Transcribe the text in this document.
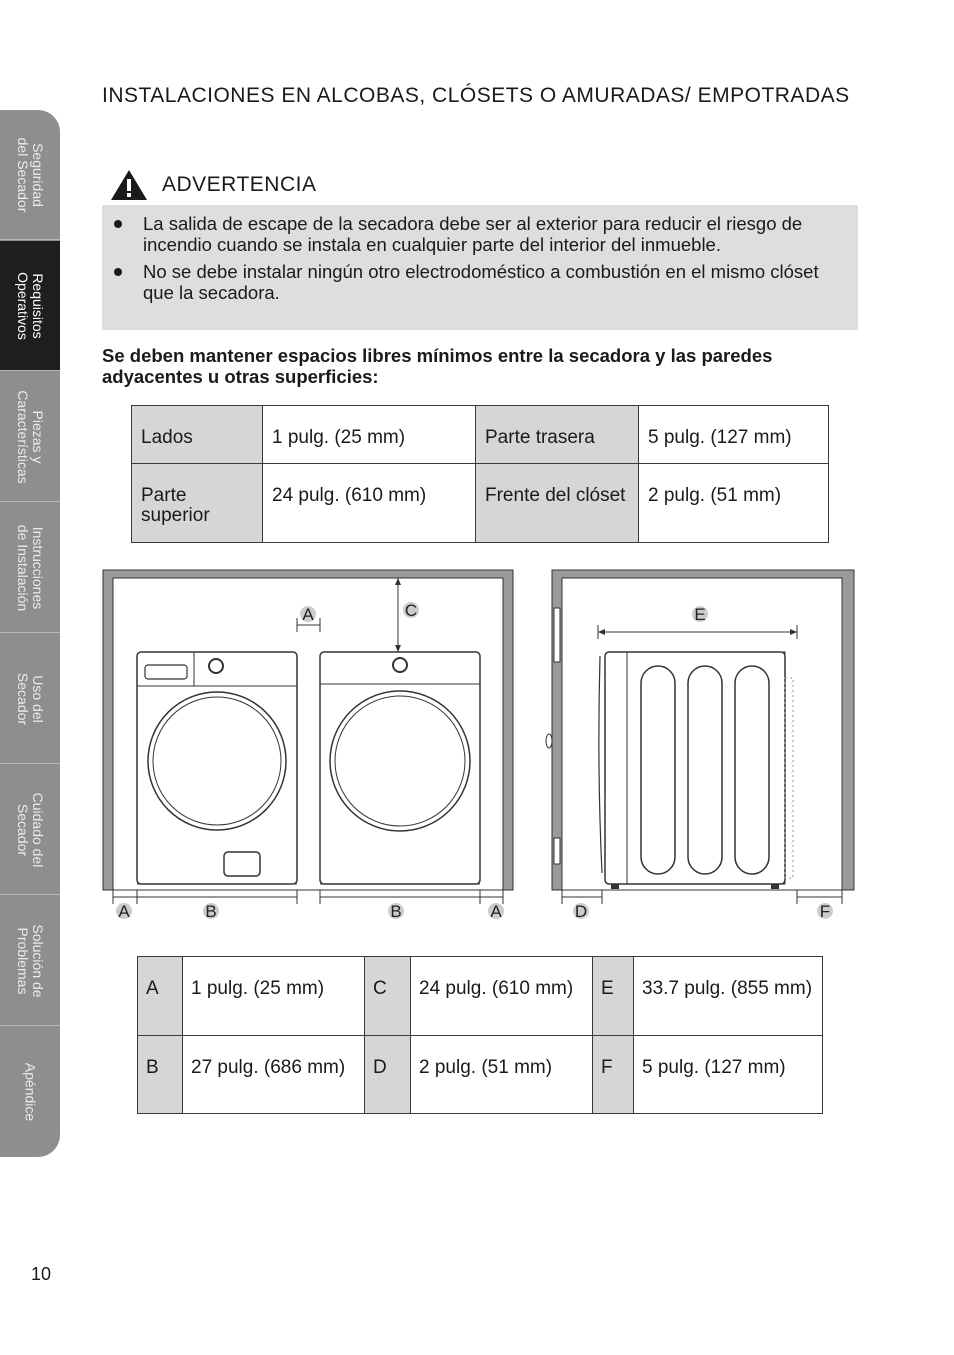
Seguridad
del Secador
Requisitos
Operativos
Piezas y
Características
Instrucciones
de Instalación
Uso del
Secador
Cuidado del
Secador
Solución de
Problemas
Apéndice
INSTALACIONES EN ALCOBAS, CLÓSETS O AMURADAS/ EMPOTRADAS
ADVERTENCIA
La salida de escape de la secadora debe ser al exterior para reducir el riesgo de incendio cuando se instala en cualquier parte del interior del inmueble.
No se debe instalar ningún otro electrodoméstico a combustión en el mismo clóset que la secadora.

Se deben mantener espacios libres mínimos entre la secadora y las paredes adyacentes u otras superficies:

Lados	1 pulg. (25 mm)	Parte trasera	5 pulg. (127 mm)

Parte superior	24 pulg. (610 mm)	Frente del clóset	2 pulg. (51 mm)
A	C
A	B	B	A
E
D	F
A	1 pulg. (25 mm)	C	24 pulg. (610 mm)	E	33.7 pulg. (855 mm)

B	27 pulg. (686 mm)	D	2 pulg. (51 mm)	F	5 pulg. (127 mm)
10
